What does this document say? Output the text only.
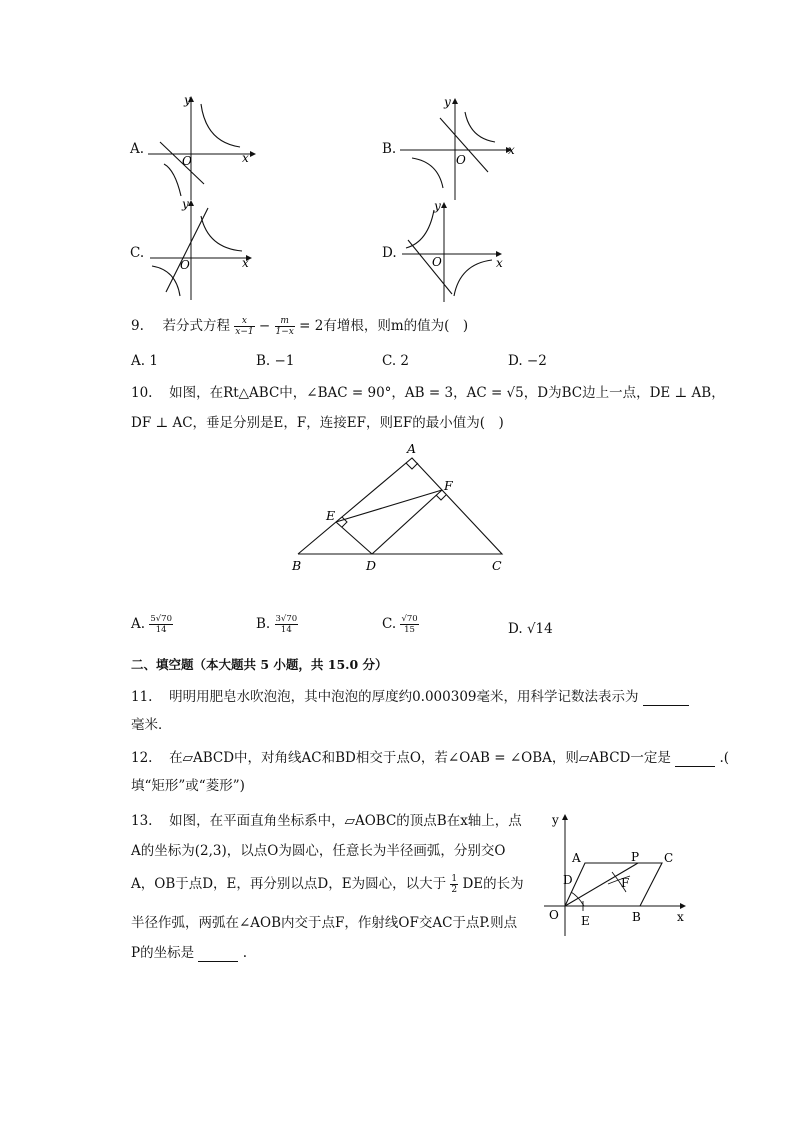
A.
y
x
O
B.
y
x
O
C.
y
x
O
D.
y
x
O
9. 若分式方程 $\frac{x}{x-1} - \frac{m}{1-x} = 2$有增根，则m的值为(　)
A. 1	B. −1	C. 2	D. −2
10. 如图，在Rt△ABC中，∠BAC = 90°，AB = 3，AC = √5，D为BC边上一点，DE ⊥ AB，
DF ⊥ AC，垂足分别是E，F，连接EF，则EF的最小值为(　)
A
B	C
D
E
F
A. $\frac{5√70}{14}$	B. $\frac{3√70}{14}$	C. $\frac{√70}{15}$	D. √14
二、填空题（本大题共 5 小题，共 15.0 分）
11. 明明用肥皂水吹泡泡，其中泡泡的厚度约0.000309毫米，用科学记数法表示为
毫米．
12. 在▱ABCD中，对角线AC和BD相交于点O，若∠OAB = ∠OBA，则▱ABCD一定是	.(
填“矩形”或“菱形”)
13. 如图，在平面直角坐标系中，▱AOBC的顶点B在x轴上，点
A的坐标为(2,3)，以点O为圆心，任意长为半径画弧，分别交O
A，OB于点D，E，再分别以点D，E为圆心，以大于 $\frac{1}{2}$ DE的长为
半径作弧，两弧在∠AOB内交于点F，作射线OF交AC于点P.则点
P的坐标是	.
y
x
O
A	P C
D	F
E	B
